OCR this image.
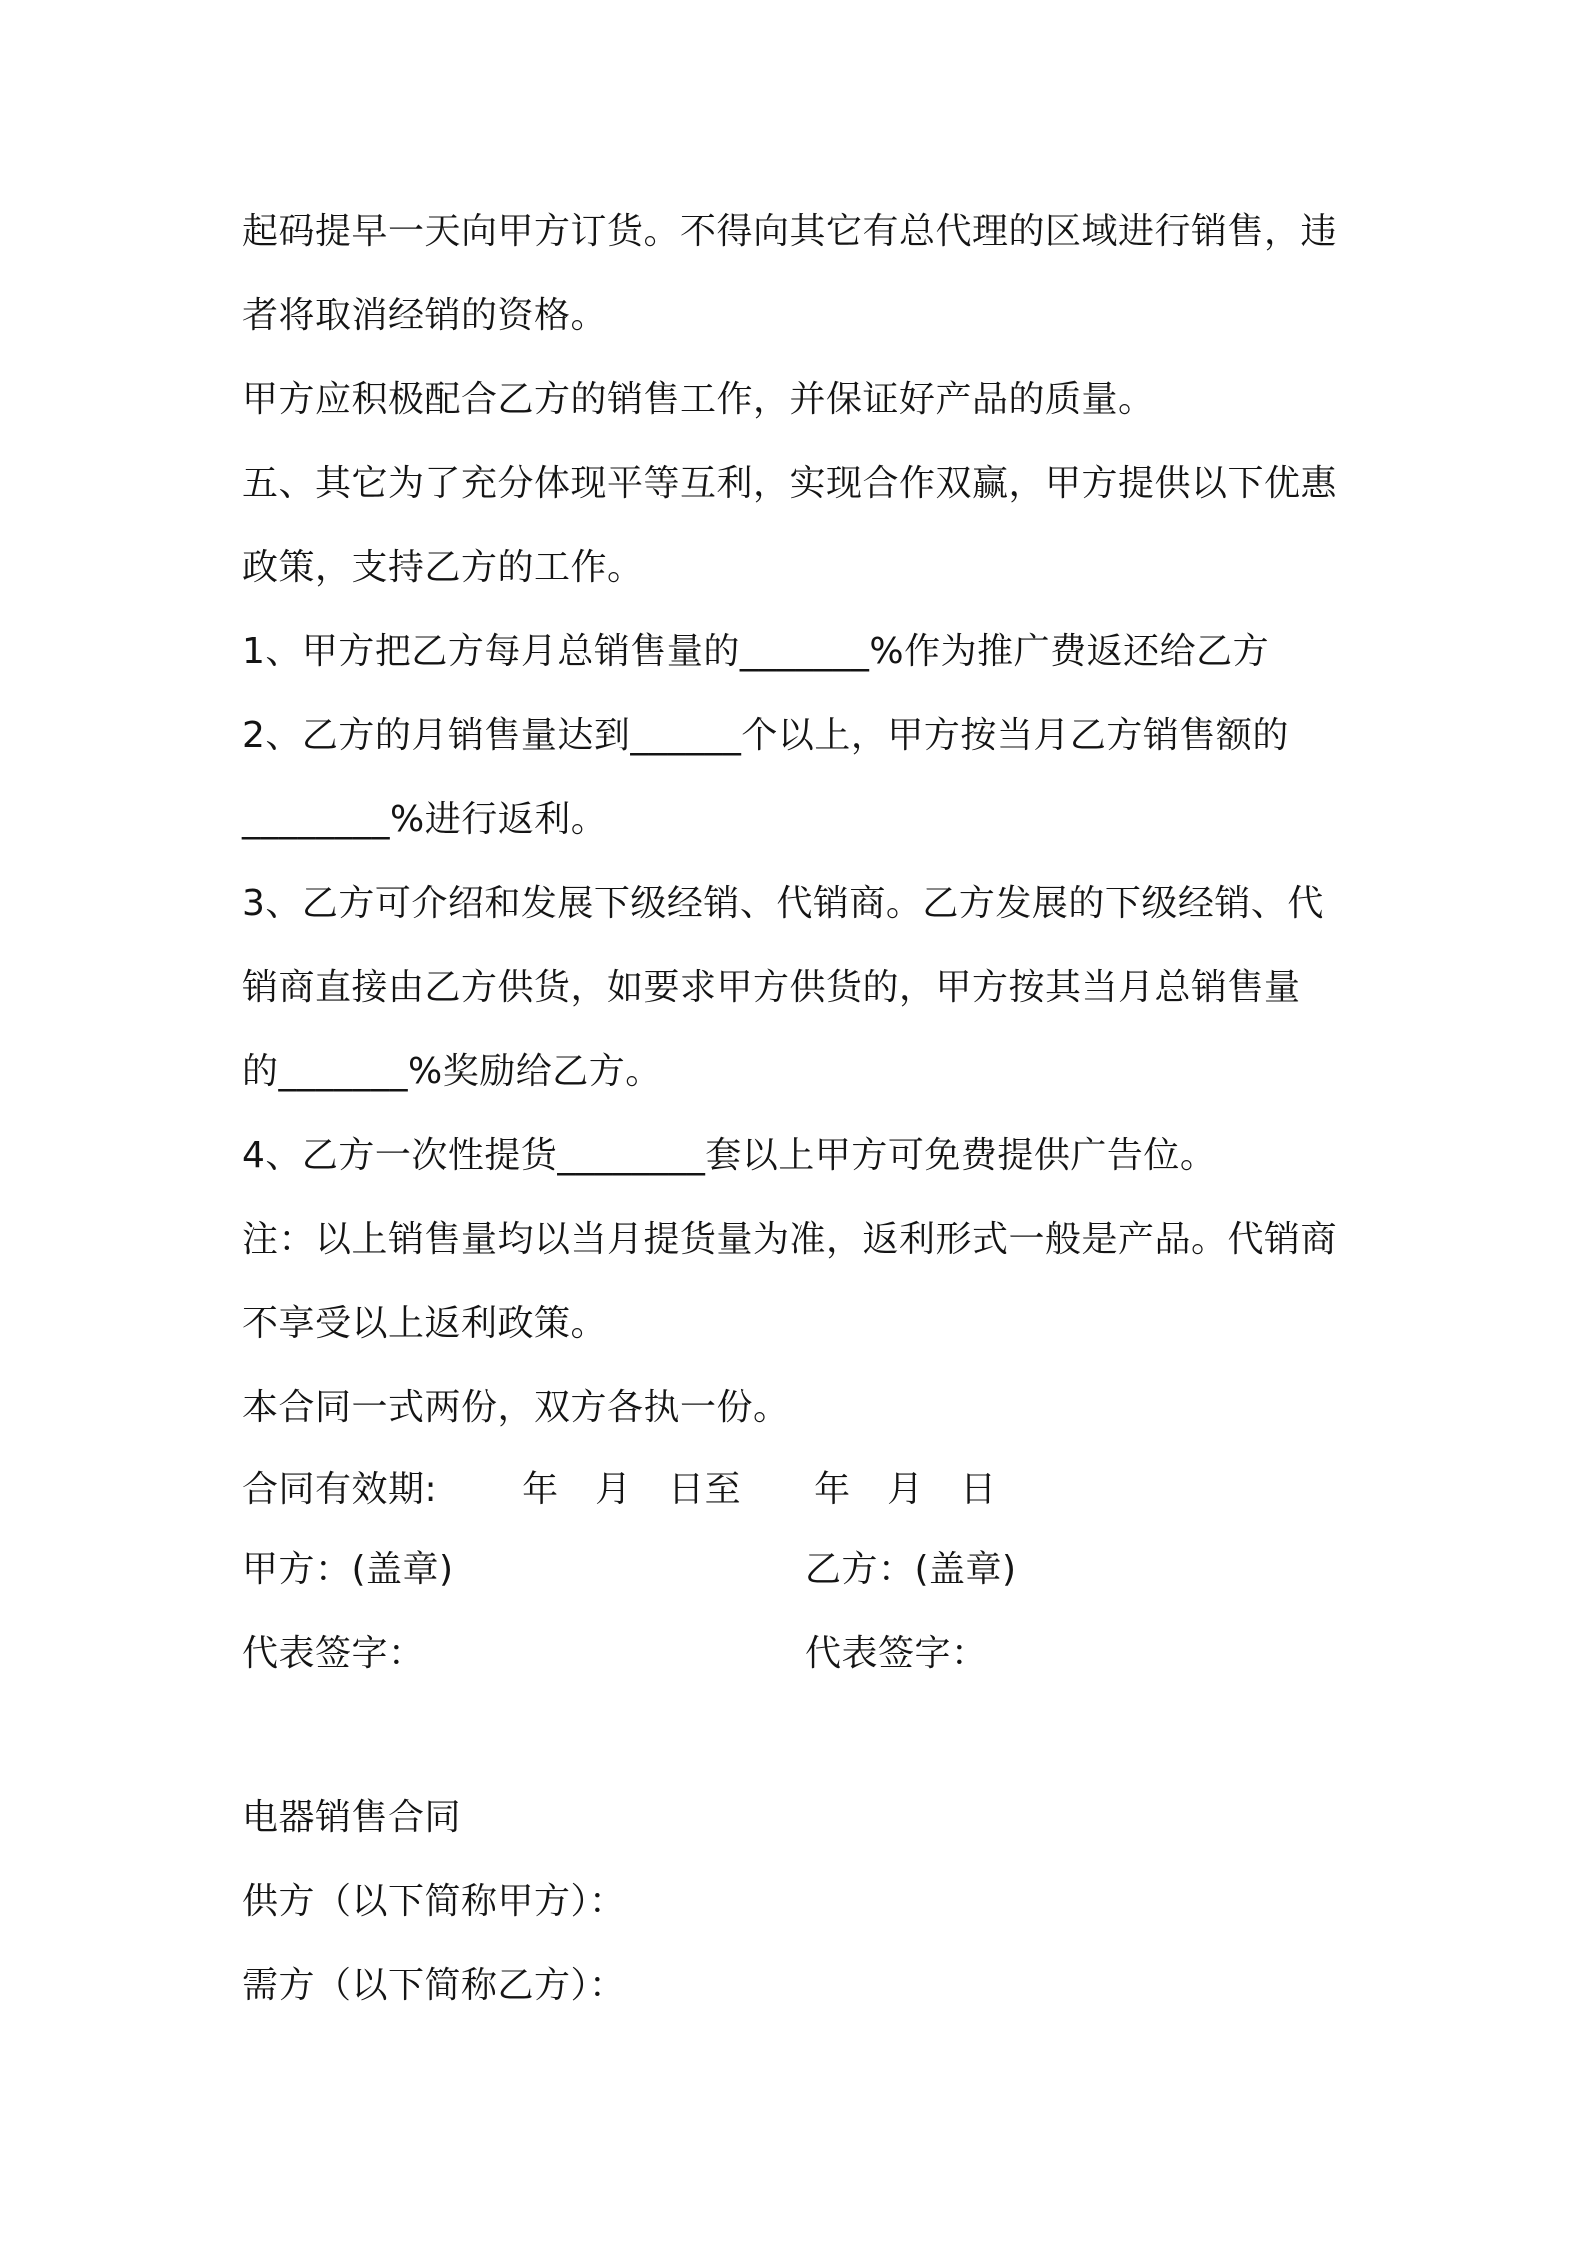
起码提早一天向甲方订货。不得向其它有总代理的区域进行销售，违
者将取消经销的资格。
甲方应积极配合乙方的销售工作，并保证好产品的质量。
五、其它为了充分体现平等互利，实现合作双赢，甲方提供以下优惠
政策，支持乙方的工作。
1、甲方把乙方每月总销售量的_______%作为推广费返还给乙方
2、乙方的月销售量达到______个以上，甲方按当月乙方销售额的
________%进行返利。
3、乙方可介绍和发展下级经销、代销商。乙方发展的下级经销、代
销商直接由乙方供货，如要求甲方供货的，甲方按其当月总销售量
的_______%奖励给乙方。
4、乙方一次性提货________套以上甲方可免费提供广告位。
注：以上销售量均以当月提货量为准，返利形式一般是产品。代销商
不享受以上返利政策。
本合同一式两份，双方各执一份。
合同有效期:　　 年　月　日至　　年　月　日
甲方：(盖章)	乙方：(盖章)
代表签字：	代表签字：
电器销售合同
供方（以下简称甲方）：
需方（以下简称乙方）：
